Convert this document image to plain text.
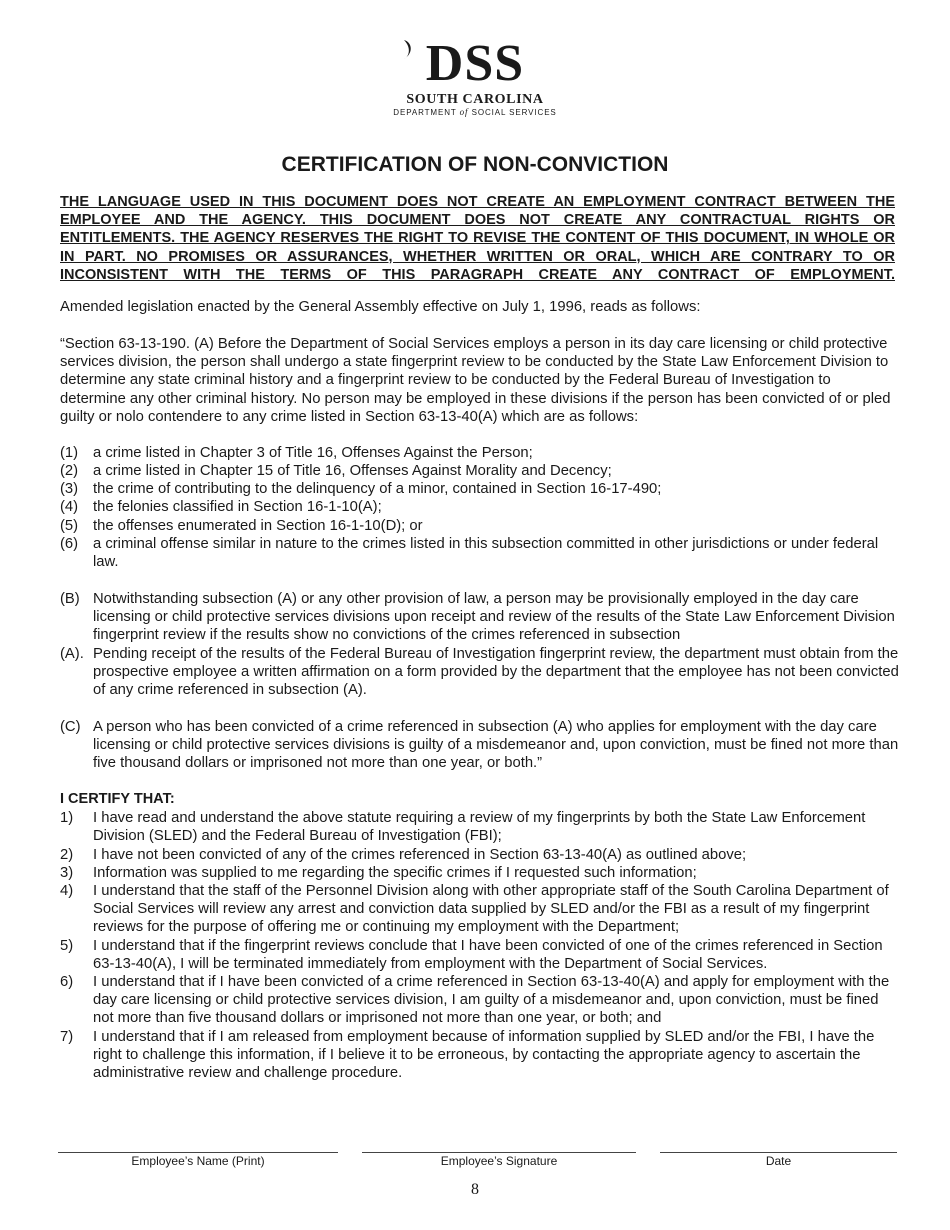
DSS
SOUTH CAROLINA
DEPARTMENT of SOCIAL SERVICES
CERTIFICATION OF NON-CONVICTION
THE LANGUAGE USED IN THIS DOCUMENT DOES NOT CREATE AN EMPLOYMENT CONTRACT BETWEEN THE EMPLOYEE AND THE AGENCY. THIS DOCUMENT DOES NOT CREATE ANY CONTRACTUAL RIGHTS OR ENTITLEMENTS. THE AGENCY RESERVES THE RIGHT TO REVISE THE CONTENT OF THIS DOCUMENT, IN WHOLE OR IN PART. NO PROMISES OR ASSURANCES, WHETHER WRITTEN OR ORAL, WHICH ARE CONTRARY TO OR INCONSISTENT WITH THE TERMS OF THIS PARAGRAPH CREATE ANY CONTRACT OF EMPLOYMENT.

Amended legislation enacted by the General Assembly effective on July 1, 1996, reads as follows:

“Section 63-13-190. (A) Before the Department of Social Services employs a person in its day care licensing or child protective services division, the person shall undergo a state fingerprint review to be conducted by the State Law Enforcement Division to determine any state criminal history and a fingerprint review to be conducted by the Federal Bureau of Investigation to determine any other criminal history. No person may be employed in these divisions if the person has been convicted of or pled guilty or nolo contendere to any crime listed in Section 63-13-40(A) which are as follows:

(1) a crime listed in Chapter 3 of Title 16, Offenses Against the Person;
(2) a crime listed in Chapter 15 of Title 16, Offenses Against Morality and Decency;
(3) the crime of contributing to the delinquency of a minor, contained in Section 16-17-490;
(4) the felonies classified in Section 16-1-10(A);
(5) the offenses enumerated in Section 16-1-10(D); or
(6) a criminal offense similar in nature to the crimes listed in this subsection committed in other jurisdictions or under federal law.
(B) Notwithstanding subsection (A) or any other provision of law, a person may be provisionally employed in the day care licensing or child protective services divisions upon receipt and review of the results of the State Law Enforcement Division fingerprint review if the results show no convictions of the crimes referenced in subsection
(A). Pending receipt of the results of the Federal Bureau of Investigation fingerprint review, the department must obtain from the prospective employee a written affirmation on a form provided by the department that the employee has not been convicted of any crime referenced in subsection (A).
(C) A person who has been convicted of a crime referenced in subsection (A) who applies for employment with the day care licensing or child protective services divisions is guilty of a misdemeanor and, upon conviction, must be fined not more than five thousand dollars or imprisoned not more than one year, or both.”
I CERTIFY THAT:
1) I have read and understand the above statute requiring a review of my fingerprints by both the State Law Enforcement Division (SLED) and the Federal Bureau of Investigation (FBI);
2) I have not been convicted of any of the crimes referenced in Section 63-13-40(A) as outlined above;
3) Information was supplied to me regarding the specific crimes if I requested such information;
4) I understand that the staff of the Personnel Division along with other appropriate staff of the South Carolina Department of Social Services will review any arrest and conviction data supplied by SLED and/or the FBI as a result of my fingerprint reviews for the purpose of offering me or continuing my employment with the Department;
5) I understand that if the fingerprint reviews conclude that I have been convicted of one of the crimes referenced in Section 63-13-40(A), I will be terminated immediately from employment with the Department of Social Services.
6) I understand that if I have been convicted of a crime referenced in Section 63-13-40(A) and apply for employment with the day care licensing or child protective services division, I am guilty of a misdemeanor and, upon conviction, must be fined not more than five thousand dollars or imprisoned not more than one year, or both; and
7) I understand that if I am released from employment because of information supplied by SLED and/or the FBI, I have the right to challenge this information, if I believe it to be erroneous, by contacting the appropriate agency to ascertain the administrative review and challenge procedure.
Employee’s Name (Print)	Employee’s Signature	Date
8
